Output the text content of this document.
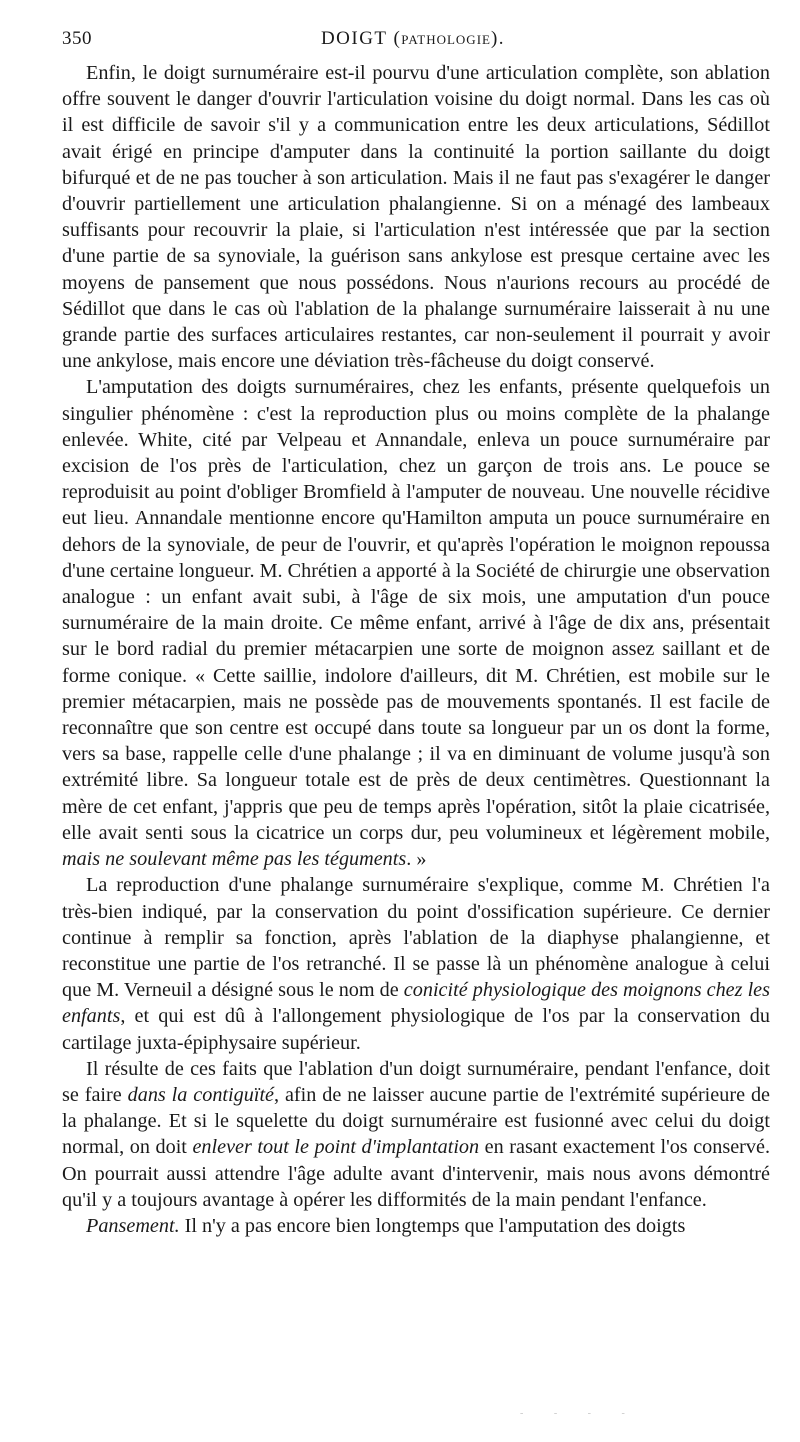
350	DOIGT (PATHOLOGIE).

Enfin, le doigt surnuméraire est-il pourvu d'une articulation complète, son ablation offre souvent le danger d'ouvrir l'articulation voisine du doigt normal. Dans les cas où il est difficile de savoir s'il y a communication entre les deux articulations, Sédillot avait érigé en principe d'amputer dans la continuité la portion saillante du doigt bifurqué et de ne pas toucher à son articulation. Mais il ne faut pas s'exagérer le danger d'ouvrir partiellement une articulation phalangienne. Si on a ménagé des lambeaux suffisants pour recouvrir la plaie, si l'articulation n'est intéressée que par la section d'une partie de sa synoviale, la guérison sans ankylose est presque certaine avec les moyens de pansement que nous possédons. Nous n'aurions recours au procédé de Sédillot que dans le cas où l'ablation de la phalange surnuméraire laisserait à nu une grande partie des surfaces articulaires restantes, car non-seulement il pourrait y avoir une ankylose, mais encore une déviation très-fâcheuse du doigt conservé.

L'amputation des doigts surnuméraires, chez les enfants, présente quelquefois un singulier phénomène : c'est la reproduction plus ou moins complète de la phalange enlevée. White, cité par Velpeau et Annandale, enleva un pouce surnuméraire par excision de l'os près de l'articulation, chez un garçon de trois ans. Le pouce se reproduisit au point d'obliger Bromfield à l'amputer de nouveau. Une nouvelle récidive eut lieu. Annandale mentionne encore qu'Hamilton amputa un pouce surnuméraire en dehors de la synoviale, de peur de l'ouvrir, et qu'après l'opération le moignon repoussa d'une certaine longueur. M. Chrétien a apporté à la Société de chirurgie une observation analogue : un enfant avait subi, à l'âge de six mois, une amputation d'un pouce surnuméraire de la main droite. Ce même enfant, arrivé à l'âge de dix ans, présentait sur le bord radial du premier métacarpien une sorte de moignon assez saillant et de forme conique. « Cette saillie, indolore d'ailleurs, dit M. Chrétien, est mobile sur le premier métacarpien, mais ne possède pas de mouvements spontanés. Il est facile de reconnaître que son centre est occupé dans toute sa longueur par un os dont la forme, vers sa base, rappelle celle d'une phalange ; il va en diminuant de volume jusqu'à son extrémité libre. Sa longueur totale est de près de deux centimètres. Questionnant la mère de cet enfant, j'appris que peu de temps après l'opération, sitôt la plaie cicatrisée, elle avait senti sous la cicatrice un corps dur, peu volumineux et légèrement mobile, mais ne soulevant même pas les téguments. »

La reproduction d'une phalange surnuméraire s'explique, comme M. Chrétien l'a très-bien indiqué, par la conservation du point d'ossification supérieure. Ce dernier continue à remplir sa fonction, après l'ablation de la diaphyse phalangienne, et reconstitue une partie de l'os retranché. Il se passe là un phénomène analogue à celui que M. Verneuil a désigné sous le nom de conicité physiologique des moignons chez les enfants, et qui est dû à l'allongement physiologique de l'os par la conservation du cartilage juxta-épiphysaire supérieur.

Il résulte de ces faits que l'ablation d'un doigt surnuméraire, pendant l'enfance, doit se faire dans la contiguïté, afin de ne laisser aucune partie de l'extrémité supérieure de la phalange. Et si le squelette du doigt surnuméraire est fusionné avec celui du doigt normal, on doit enlever tout le point d'implantation en rasant exactement l'os conservé. On pourrait aussi attendre l'âge adulte avant d'intervenir, mais nous avons démontré qu'il y a toujours avantage à opérer les difformités de la main pendant l'enfance.

Pansement. Il n'y a pas encore bien longtemps que l'amputation des doigts

- - - -
